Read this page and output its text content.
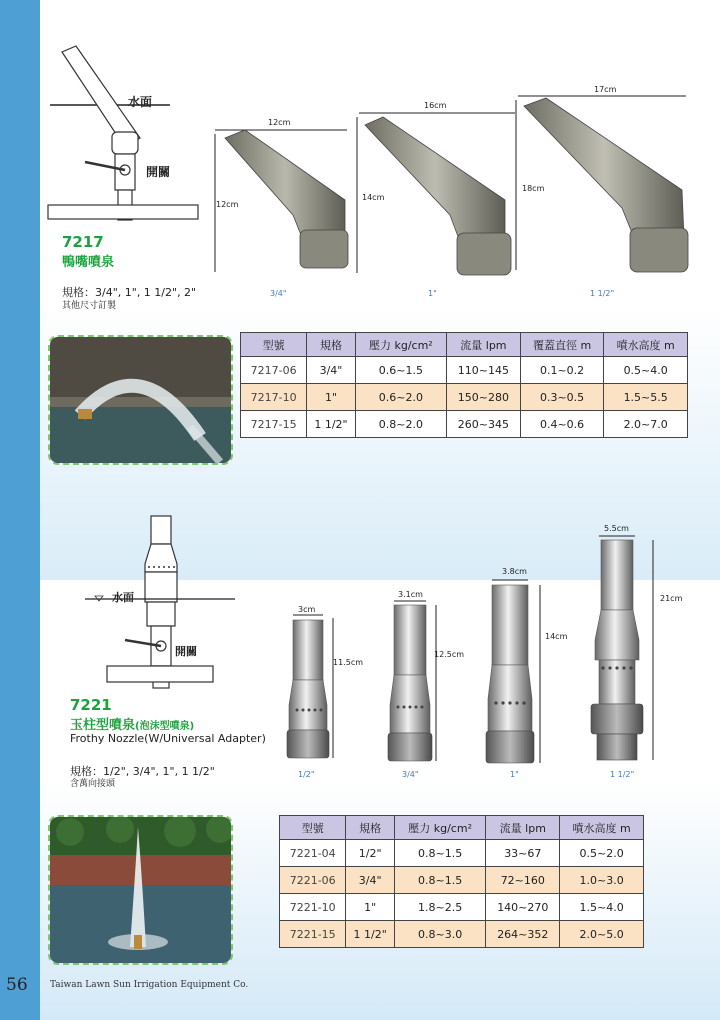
水面
開關
7217
鴨嘴噴泉
規格：3/4", 1", 1 1/2", 2"
其他尺寸訂製
12cm
12cm
3/4"
16cm
14cm
1"
17cm
18cm
1 1/2"
型號	規格	壓力 kg/cm²	流量 lpm	覆蓋直徑 m	噴水高度 m
7217-06	3/4"	0.6~1.5	110~145	0.1~0.2	0.5~4.0
7217-10	1"	0.6~2.0	150~280	0.3~0.5	1.5~5.5
7217-15	1 1/2"	0.8~2.0	260~345	0.4~0.6	2.0~7.0
水面
開關
7221
玉柱型噴泉(泡沫型噴泉)
Frothy Nozzle(W/Universal Adapter)
規格：1/2", 3/4", 1", 1 1/2"
含萬向接頭
3cm
11.5cm
1/2"
3.1cm
12.5cm
3/4"
3.8cm
14cm
1"
5.5cm
21cm
1 1/2"
型號	規格	壓力 kg/cm²	流量 lpm	噴水高度 m
7221-04	1/2"	0.8~1.5	33~67	0.5~2.0
7221-06	3/4"	0.8~1.5	72~160	1.0~3.0
7221-10	1"	1.8~2.5	140~270	1.5~4.0
7221-15	1 1/2"	0.8~3.0	264~352	2.0~5.0
56 Taiwan Lawn Sun Irrigation Equipment Co.
